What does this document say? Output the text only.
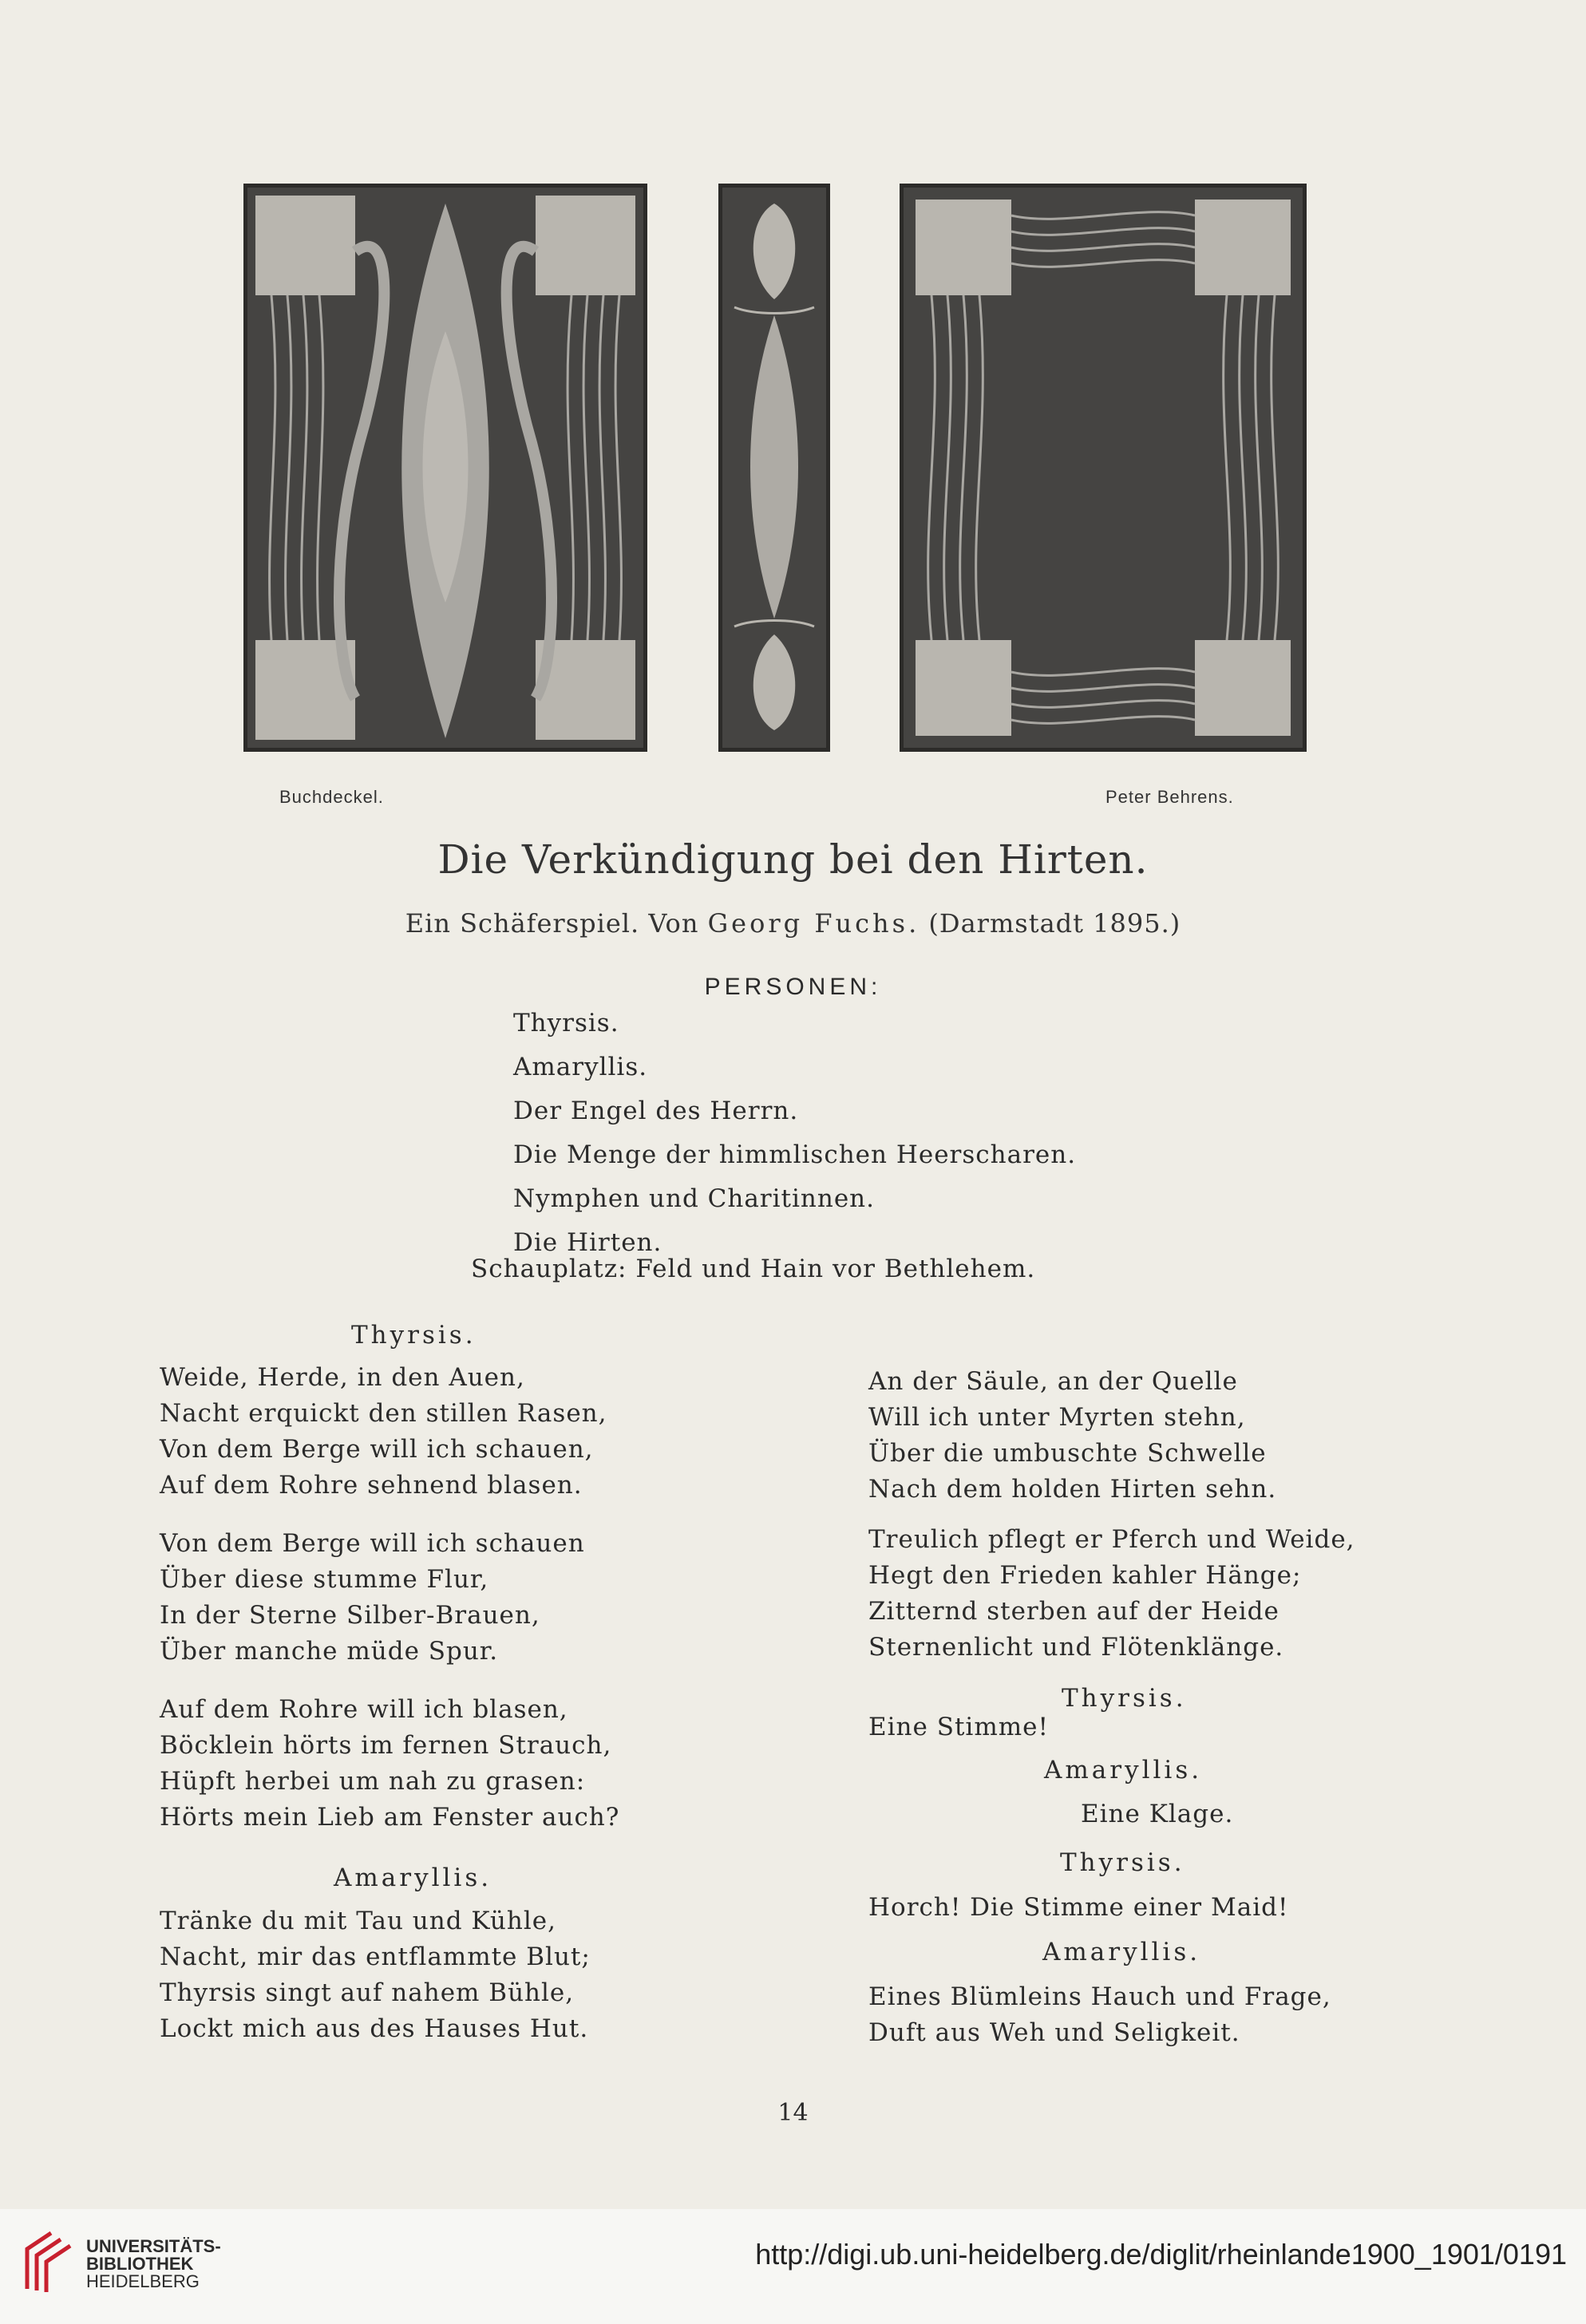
Buchdeckel.	Peter Behrens.
Die Verkündigung bei den Hirten.
Ein Schäferspiel. Von Georg Fuchs. (Darmstadt 1895.)
PERSONEN:
Thyrsis.
Amaryllis.
Der Engel des Herrn.
Die Menge der himmlischen Heerscharen.
Nymphen und Charitinnen.
Die Hirten.
Schauplatz: Feld und Hain vor Bethlehem.
Thyrsis.
Weide, Herde, in den Auen,
Nacht erquickt den stillen Rasen,
Von dem Berge will ich schauen,
Auf dem Rohre sehnend blasen.
Von dem Berge will ich schauen
Über diese stumme Flur,
In der Sterne Silber-Brauen,
Über manche müde Spur.
Auf dem Rohre will ich blasen,
Böcklein hörts im fernen Strauch,
Hüpft herbei um nah zu grasen:
Hörts mein Lieb am Fenster auch?
Amaryllis.
Tränke du mit Tau und Kühle,
Nacht, mir das entflammte Blut;
Thyrsis singt auf nahem Bühle,
Lockt mich aus des Hauses Hut.
An der Säule, an der Quelle
Will ich unter Myrten stehn,
Über die umbuschte Schwelle
Nach dem holden Hirten sehn.
Treulich pflegt er Pferch und Weide,
Hegt den Frieden kahler Hänge;
Zitternd sterben auf der Heide
Sternenlicht und Flötenklänge.
Thyrsis.
Eine Stimme!
Amaryllis.
Eine Klage.
Thyrsis.
Horch! Die Stimme einer Maid!
Amaryllis.
Eines Blümleins Hauch und Frage,
Duft aus Weh und Seligkeit.
14
UNIVERSITÄTS-
BIBLIOTHEK
HEIDELBERG
http://digi.ub.uni-heidelberg.de/diglit/rheinlande1900_1901/0191
